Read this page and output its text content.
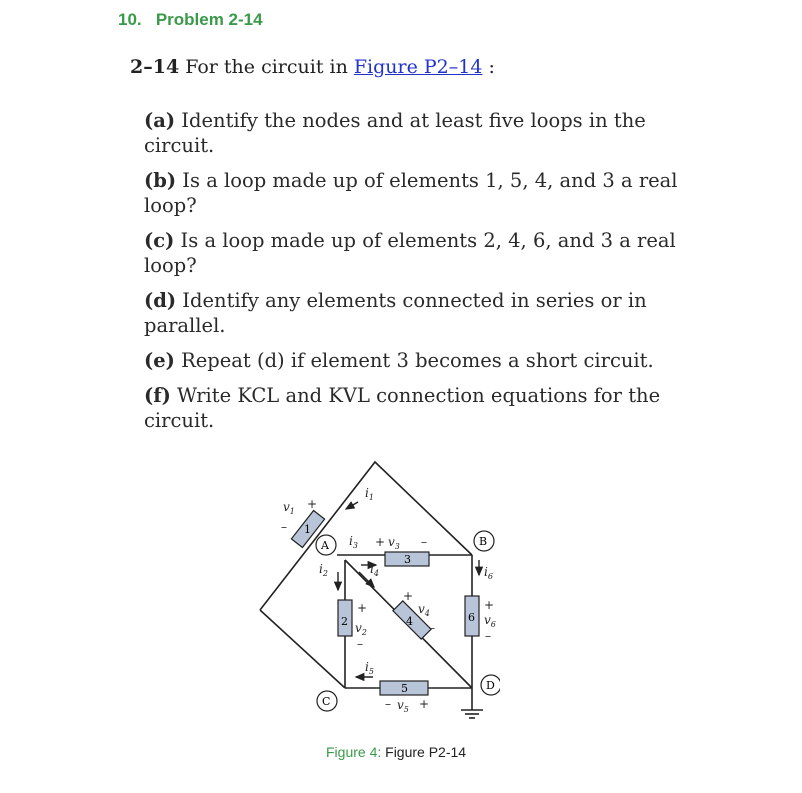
10. Problem 2-14
2–14 For the circuit in Figure P2–14 :
(a) Identify the nodes and at least five loops in the circuit.
(b) Is a loop made up of elements 1, 5, 4, and 3 a real loop?
(c) Is a loop made up of elements 2, 4, 6, and 3 a real loop?
(d) Identify any elements connected in series or in parallel.
(e) Repeat (d) if element 3 becomes a short circuit.
(f) Write KCL and KVL connection equations for the circuit.
1
2
3
4
5
6
A	B
C
D
$i_1$
$i_2$
$i_3$
$i_4$
$i_5$
$i_6$
$v_1$
+
–
$v_2$
+
–
+ $v_3$ –
+
$v_4$
–
– $v_5$ +
+
$v_6$
–
Figure 4: Figure P2-14
